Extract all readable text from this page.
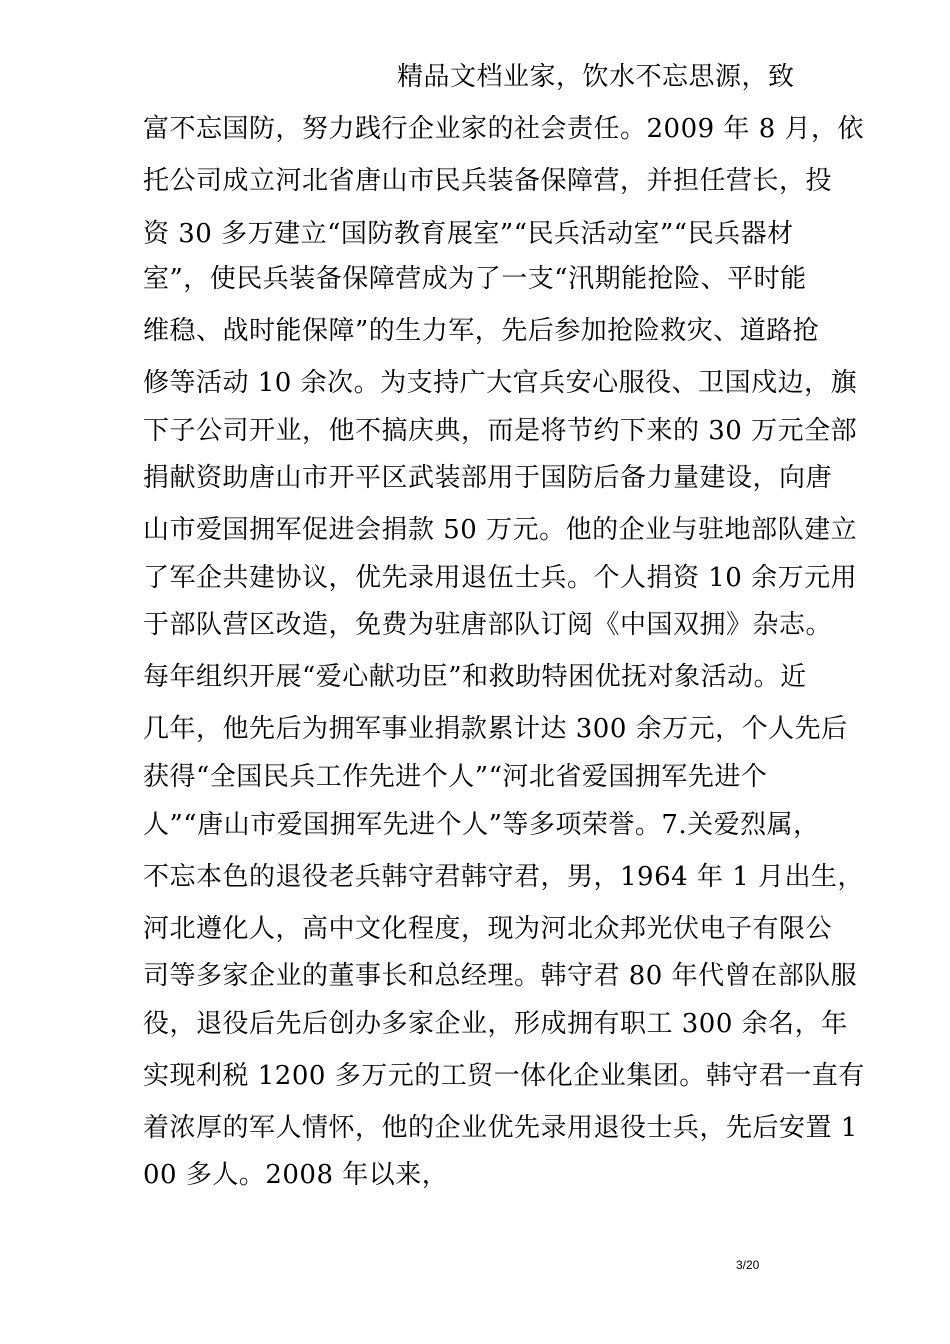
精品文档业家，饮水不忘思源，致
富不忘国防，努力践行企业家的社会责任。2009 年 8 月，依
托公司成立河北省唐山市民兵装备保障营，并担任营长，投
资 30 多万建立“国防教育展室”“民兵活动室”“民兵器材
室”，使民兵装备保障营成为了一支“汛期能抢险、平时能
维稳、战时能保障”的生力军，先后参加抢险救灾、道路抢
修等活动 10 余次。为支持广大官兵安心服役、卫国戍边，旗
下子公司开业，他不搞庆典，而是将节约下来的 30 万元全部
捐献资助唐山市开平区武装部用于国防后备力量建设，向唐
山市爱国拥军促进会捐款 50 万元。他的企业与驻地部队建立
了军企共建协议，优先录用退伍士兵。个人捐资 10 余万元用
于部队营区改造，免费为驻唐部队订阅《中国双拥》杂志。
每年组织开展“爱心献功臣”和救助特困优抚对象活动。近
几年，他先后为拥军事业捐款累计达 300 余万元，个人先后
获得“全国民兵工作先进个人”“河北省爱国拥军先进个
人”“唐山市爱国拥军先进个人”等多项荣誉。7.关爱烈属，
不忘本色的退役老兵韩守君韩守君，男，1964 年 1 月出生，
河北遵化人，高中文化程度，现为河北众邦光伏电子有限公
司等多家企业的董事长和总经理。韩守君 80 年代曾在部队服
役，退役后先后创办多家企业，形成拥有职工 300 余名，年
实现利税 1200 多万元的工贸一体化企业集团。韩守君一直有
着浓厚的军人情怀，他的企业优先录用退役士兵，先后安置 1
00 多人。2008 年以来，
3/20
